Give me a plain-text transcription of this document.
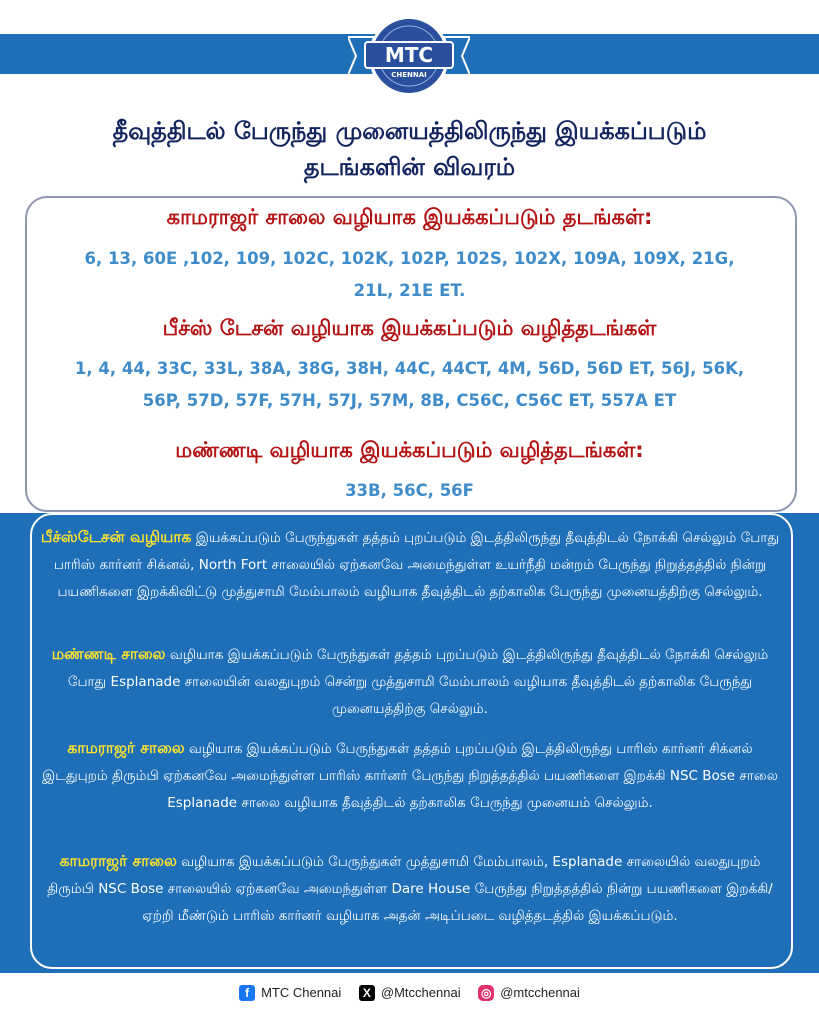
MTC
CHENNAI
தீவுத்திடல் பேருந்து முனையத்திலிருந்து இயக்கப்படும்
தடங்களின் விவரம்
காமராஜர் சாலை வழியாக இயக்கப்படும் தடங்கள்:
6, 13, 60E ,102, 109, 102C, 102K, 102P, 102S, 102X, 109A, 109X, 21G,
21L, 21E ET.
பீச்ஸ் டேசன் வழியாக இயக்கப்படும் வழித்தடங்கள்
1, 4, 44, 33C, 33L, 38A, 38G, 38H, 44C, 44CT, 4M, 56D, 56D ET, 56J, 56K,
56P, 57D, 57F, 57H, 57J, 57M, 8B, C56C, C56C ET, 557A ET
மண்ணடி வழியாக இயக்கப்படும் வழித்தடங்கள்:
33B, 56C, 56F
பீச்ஸ்டேசன் வழியாக இயக்கப்படும் பேருந்துகள் தத்தம் புறப்படும் இடத்திலிருந்து தீவுத்திடல் நோக்கி செல்லும் போது பாரிஸ் கார்னர் சிக்னல், North Fort சாலையில் ஏற்கனவே அமைந்துள்ள உயர்நீதி மன்றம் பேருந்து நிறுத்தத்தில் நின்று பயணிகளை இறக்கிவிட்டு முத்துசாமி மேம்பாலம் வழியாக தீவுத்திடல் தற்காலிக பேருந்து முனையத்திற்கு செல்லும்.
மண்ணடி சாலை வழியாக இயக்கப்படும் பேருந்துகள் தத்தம் புறப்படும் இடத்திலிருந்து தீவுத்திடல் நோக்கி செல்லும் போது Esplanade சாலையின் வலதுபுறம் சென்று முத்துசாமி மேம்பாலம் வழியாக தீவுத்திடல் தற்காலிக பேருந்து முனையத்திற்கு செல்லும்.
காமராஜர் சாலை வழியாக இயக்கப்படும் பேருந்துகள் தத்தம் புறப்படும் இடத்திலிருந்து பாரிஸ் கார்னர் சிக்னல் இடதுபுறம் திரும்பி ஏற்கனவே அமைந்துள்ள பாரிஸ் கார்னர் பேருந்து நிறுத்தத்தில் பயணிகளை இறக்கி NSC Bose சாலை Esplanade சாலை வழியாக தீவுத்திடல் தற்காலிக பேருந்து முனையம் செல்லும்.
காமராஜர் சாலை வழியாக இயக்கப்படும் பேருந்துகள் முத்துசாமி மேம்பாலம், Esplanade சாலையில் வலதுபுறம் திரும்பி NSC Bose சாலையில் ஏற்கனவே அமைந்துள்ள Dare House பேருந்து நிறுத்தத்தில் நின்று பயணிகளை இறக்கி/ஏற்றி மீண்டும் பாரிஸ் கார்னர் வழியாக அதன் அடிப்படை வழித்தடத்தில் இயக்கப்படும்.
f MTC Chennai
	X @Mtcchennai
◎ @mtcchennai
